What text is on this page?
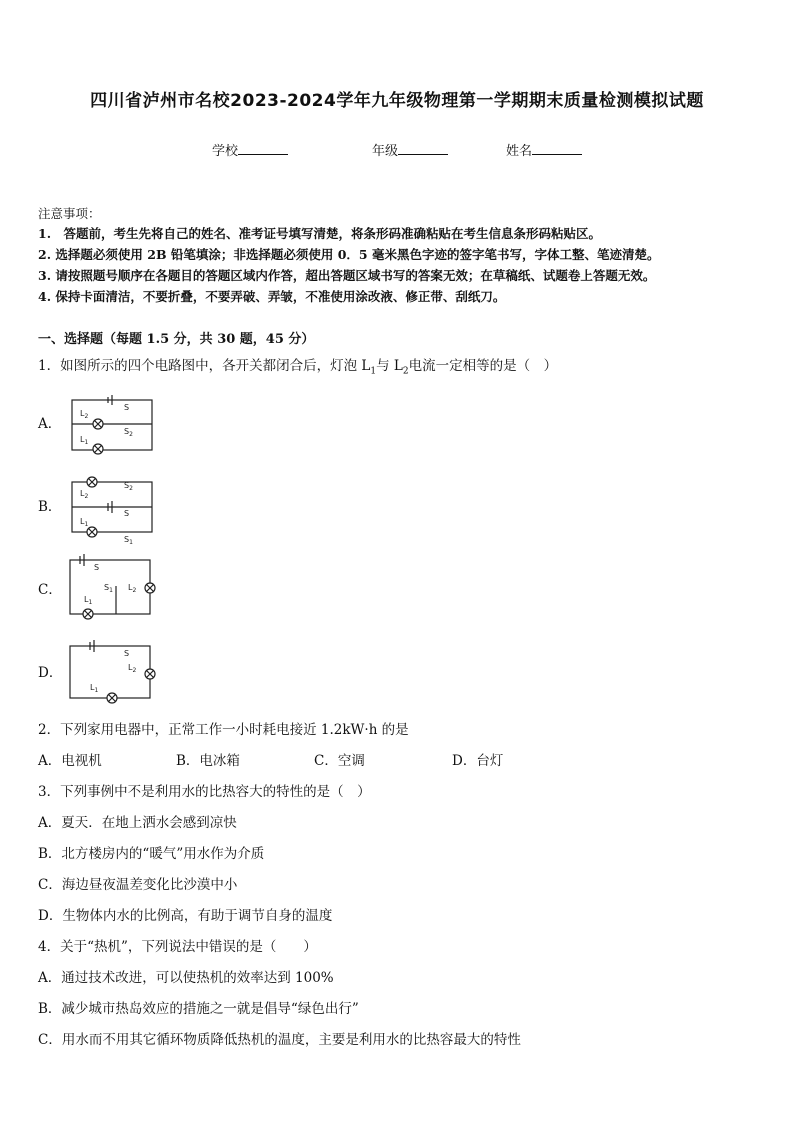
四川省泸州市名校2023-2024学年九年级物理第一学期期末质量检测模拟试题
学校	年级	姓名
注意事项：
1.　答题前，考生先将自己的姓名、准考证号填写清楚，将条形码准确粘贴在考生信息条形码粘贴区。
2. 选择题必须使用 2B 铅笔填涂；非选择题必须使用 0．5 毫米黑色字迹的签字笔书写，字体工整、笔迹清楚。
3. 请按照题号顺序在各题目的答题区域内作答，超出答题区域书写的答案无效；在草稿纸、试题卷上答题无效。
4. 保持卡面清洁，不要折叠，不要弄破、弄皱，不准使用涂改液、修正带、刮纸刀。
一、选择题（每题 1.5 分，共 30 题，45 分）
1．如图所示的四个电路图中，各开关都闭合后，灯泡 $L_1$与 $L_2$电流一定相等的是（　）
A．
$L_2$
$L_1$
S
$S_2$
B．
$L_2$
$L_1$
$S_2$
S
$S_1$
C．
S
$S_1$ $L_2$
$L_1$
D．
S
$L_2$
$L_1$
2．下列家用电器中，正常工作一小时耗电接近 1.2kW·h 的是
A．电视机	B．电冰箱	C．空调	D．台灯
3．下列事例中不是利用水的比热容大的特性的是（　）
A．夏天．在地上洒水会感到凉快
B．北方楼房内的“暖气”用水作为介质
C．海边昼夜温差变化比沙漠中小
D．生物体内水的比例高，有助于调节自身的温度
4．关于“热机”，下列说法中错误的是（　　）
A．通过技术改进，可以使热机的效率达到 100%
B．减少城市热岛效应的措施之一就是倡导“绿色出行”
C．用水而不用其它循环物质降低热机的温度，主要是利用水的比热容最大的特性
